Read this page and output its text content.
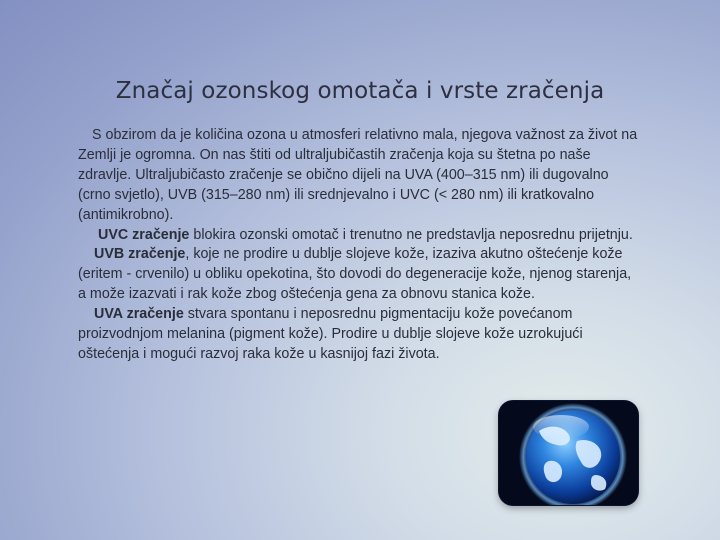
Značaj ozonskog omotača i vrste zračenja

S obzirom da je količina ozona u atmosferi relativno mala, njegova važnost za život na Zemlji je ogromna. On nas štiti od ultraljubičastih zračenja koja su štetna po naše zdravlje. Ultraljubičasto zračenje se obično dijeli na UVA (400–315 nm) ili dugovalno (crno svjetlo), UVB (315–280 nm) ili srednjevalno i UVC (< 280 nm) ili kratkovalno (antimikrobno).

UVC zračenje blokira ozonski omotač i trenutno ne predstavlja neposrednu prijetnju.

UVB zračenje, koje ne prodire u dublje slojeve kože, izaziva akutno oštećenje kože (eritem - crvenilo) u obliku opekotina, što dovodi do degeneracije kože, njenog starenja, a može izazvati i rak kože zbog oštećenja gena za obnovu stanica kože.

UVA zračenje stvara spontanu i neposrednu pigmentaciju kože povećanom proizvodnjom melanina (pigment kože). Prodire u dublje slojeve kože uzrokujući oštećenja i mogući razvoj raka kože u kasnijoj fazi života.
